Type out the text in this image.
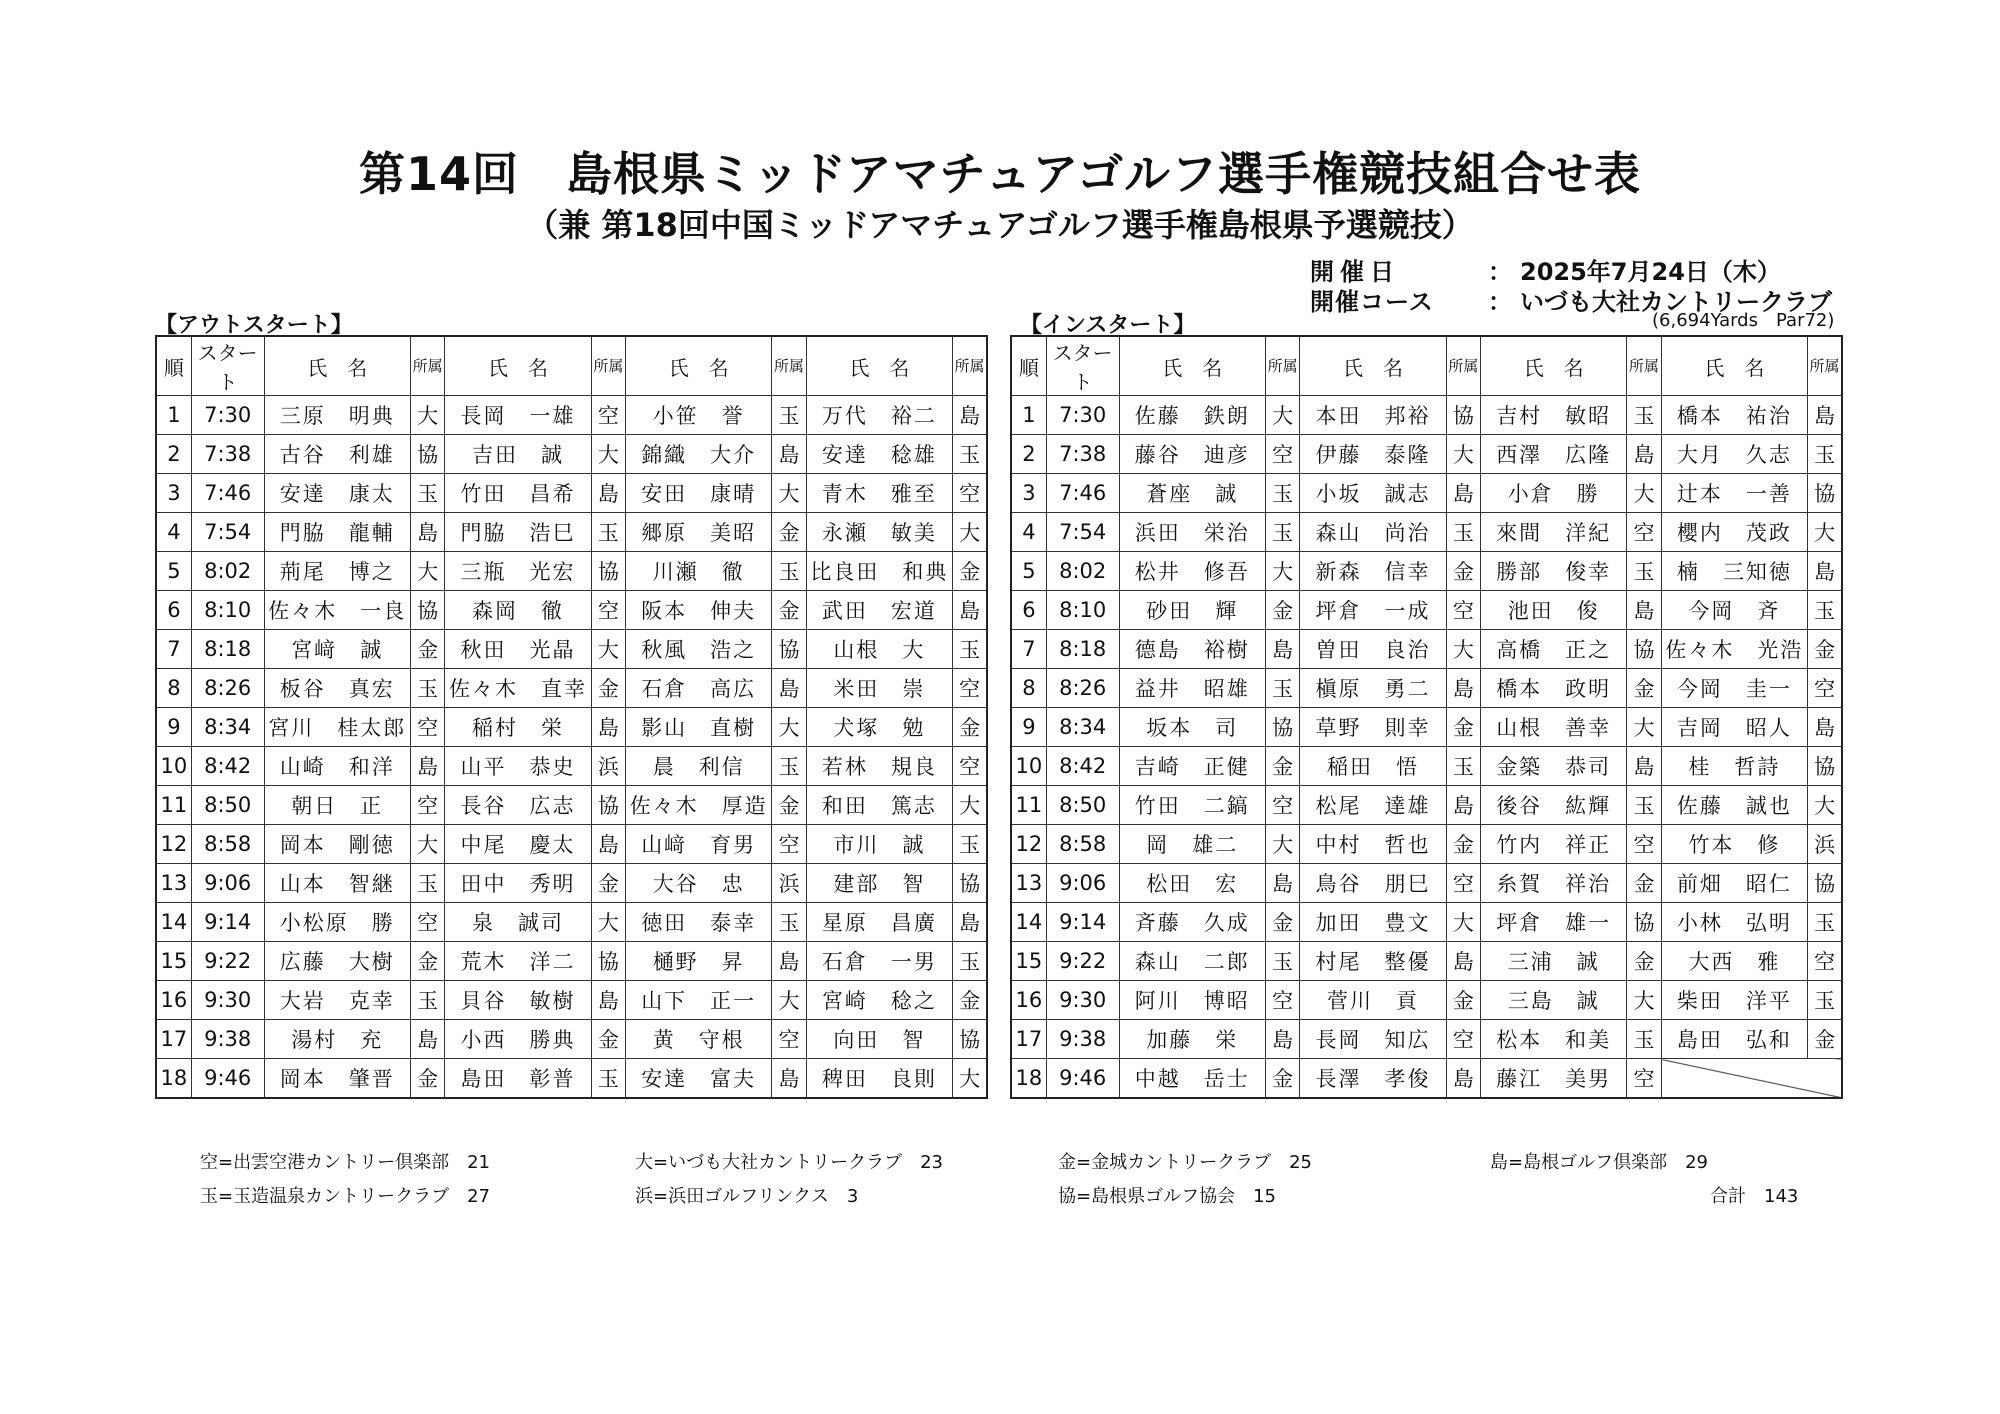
第14回　島根県ミッドアマチュアゴルフ選手権競技組合せ表

（兼 第18回中国ミッドアマチュアゴルフ選手権島根県予選競技）

開催日	： 2025年7月24日（木）
開催コース ： いづも大社カントリークラブ
(6,694Yards　Par72)
【アウトスタート】	【インスタート】
順	スタート	氏　名	所属	氏　名	所属	氏　名	所属	氏　名	所属
1	7:30	三原　明典	大	長岡　一雄	空	小笹　誉	玉	万代　裕二	島
2	7:38	古谷　利雄	協	吉田　誠	大	錦織　大介	島	安達　稔雄	玉
3	7:46	安達　康太	玉	竹田　昌希	島	安田　康晴	大	青木　雅至	空
4	7:54	門脇　龍輔	島	門脇　浩巳	玉	郷原　美昭	金	永瀬　敏美	大
5	8:02	荊尾　博之	大	三瓶　光宏	協	川瀬　徹	玉	比良田　和典	金
6	8:10	佐々木　一良	協	森岡　徹	空	阪本　伸夫	金	武田　宏道	島
7	8:18	宮﨑　誠	金	秋田　光晶	大	秋風　浩之	協	山根　大	玉
8	8:26	板谷　真宏	玉	佐々木　直幸	金	石倉　高広	島	米田　崇	空
9	8:34	宮川　桂太郎	空	稲村　栄	島	影山　直樹	大	犬塚　勉	金
10	8:42	山崎　和洋	島	山平　恭史	浜	晨　利信	玉	若林　規良	空
11	8:50	朝日　正	空	長谷　広志	協	佐々木　厚造	金	和田　篤志	大
12	8:58	岡本　剛徳	大	中尾　慶太	島	山﨑　育男	空	市川　誠	玉
13	9:06	山本　智継	玉	田中　秀明	金	大谷　忠	浜	建部　智	協
14	9:14	小松原　勝	空	泉　誠司	大	徳田　泰幸	玉	星原　昌廣	島
15	9:22	広藤　大樹	金	荒木　洋二	協	樋野　昇	島	石倉　一男	玉
16	9:30	大岩　克幸	玉	貝谷　敏樹	島	山下　正一	大	宮崎　稔之	金
17	9:38	湯村　充	島	小西　勝典	金	黄　守根	空	向田　智	協
18	9:46	岡本　肇晋	金	島田　彰普	玉	安達　富夫	島	稗田　良則	大
順	スタート	氏　名	所属	氏　名	所属	氏　名	所属	氏　名	所属
1	7:30	佐藤　鉄朗	大	本田　邦裕	協	吉村　敏昭	玉	橋本　祐治	島
2	7:38	藤谷　迪彦	空	伊藤　泰隆	大	西澤　広隆	島	大月　久志	玉
3	7:46	蒼座　誠	玉	小坂　誠志	島	小倉　勝	大	辻本　一善	協
4	7:54	浜田　栄治	玉	森山　尚治	玉	來間　洋紀	空	櫻内　茂政	大
5	8:02	松井　修吾	大	新森　信幸	金	勝部　俊幸	玉	楠　三知徳	島
6	8:10	砂田　輝	金	坪倉　一成	空	池田　俊	島	今岡　斉	玉
7	8:18	德島　裕樹	島	曽田　良治	大	高橋　正之	協	佐々木　光浩	金
8	8:26	益井　昭雄	玉	槇原　勇二	島	橋本　政明	金	今岡　圭一	空
9	8:34	坂本　司	協	草野　則幸	金	山根　善幸	大	吉岡　昭人	島
10	8:42	吉崎　正健	金	稲田　悟	玉	金築　恭司	島	桂　哲詩	協
11	8:50	竹田　二鎬	空	松尾　達雄	島	後谷　紘輝	玉	佐藤　誠也	大
12	8:58	岡　雄二	大	中村　哲也	金	竹内　祥正	空	竹本　修	浜
13	9:06	松田　宏	島	鳥谷　朋巳	空	糸賀　祥治	金	前畑　昭仁	協
14	9:14	斉藤　久成	金	加田　豊文	大	坪倉　雄一	協	小林　弘明	玉
15	9:22	森山　二郎	玉	村尾　整優	島	三浦　誠	金	大西　雅	空
16	9:30	阿川　博昭	空	菅川　貢	金	三島　誠	大	柴田　洋平	玉
17	9:38	加藤　栄	島	長岡　知広	空	松本　和美	玉	島田　弘和	金
18	9:46	中越　岳士	金	長澤　孝俊	島	藤江　美男	空		
空=出雲空港カントリー倶楽部　21	大=いづも大社カントリークラブ　23	金=金城カントリークラブ　25	島=島根ゴルフ倶楽部　29
玉=玉造温泉カントリークラブ　27	浜=浜田ゴルフリンクス　3	協=島根県ゴルフ協会　15	合計　143
